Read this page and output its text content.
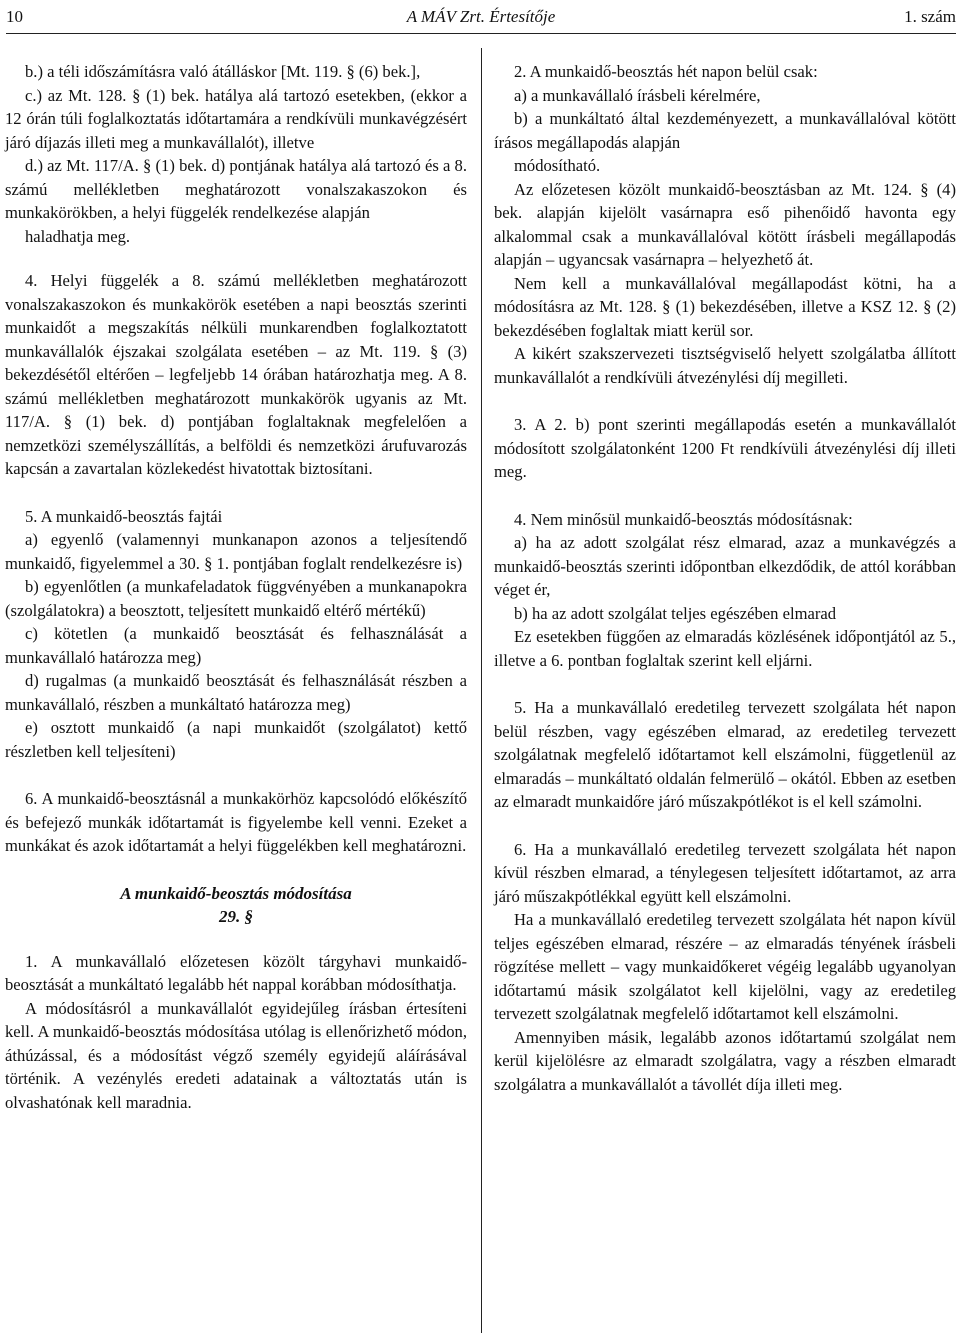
10	A MÁV Zrt. Értesítője	1. szám

b.) a téli időszámításra való átálláskor [Mt. 119. § (6) bek.],

c.) az Mt. 128. § (1) bek. hatálya alá tartozó esetekben, (ekkor a 12 órán túli foglalkoztatás időtartamára a rendkívüli munkavégzésért járó díjazás illeti meg a munkavállalót), illetve

d.) az Mt. 117/A. § (1) bek. d) pontjának hatálya alá tartozó és a 8. számú mellékletben meghatározott vonalszakaszokon és munkakörökben, a helyi függelék rendelkezése alapján

haladhatja meg.

4. Helyi függelék a 8. számú mellékletben meghatározott vonalszakaszokon és munkakörök esetében a napi beosztás szerinti munkaidőt a megszakítás nélküli munkarendben foglalkoztatott munkavállalók éjszakai szolgálata esetében – az Mt. 119. § (3) bekezdésétől eltérően – legfeljebb 14 órában határozhatja meg. A 8. számú mellékletben meghatározott munkakörök ugyanis az Mt. 117/A. § (1) bek. d) pontjában foglaltaknak megfelelően a nemzetközi személyszállítás, a belföldi és nemzetközi árufuvarozás kapcsán a zavartalan közlekedést hivatottak biztosítani.

5. A munkaidő-beosztás fajtái

a) egyenlő (valamennyi munkanapon azonos a teljesítendő munkaidő, figyelemmel a 30. § 1. pontjában foglalt rendelkezésre is)

b) egyenlőtlen (a munkafeladatok függvényében a munkanapokra (szolgálatokra) a beosztott, teljesített munkaidő eltérő mértékű)

c) kötetlen (a munkaidő beosztását és felhasználását a munkavállaló határozza meg)

d) rugalmas (a munkaidő beosztását és felhasználását részben a munkavállaló, részben a munkáltató határozza meg)

e) osztott munkaidő (a napi munkaidőt (szolgálatot) kettő részletben kell teljesíteni)

6. A munkaidő-beosztásnál a munkakörhöz kapcsolódó előkészítő és befejező munkák időtartamát is figyelembe kell venni. Ezeket a munkákat és azok időtartamát a helyi függelékben kell meghatározni.

A munkaidő-beosztás módosítása

29. §

1. A munkavállaló előzetesen közölt tárgyhavi munkaidő-beosztását a munkáltató legalább hét nappal korábban módosíthatja.

A módosításról a munkavállalót egyidejűleg írásban értesíteni kell. A munkaidő-beosztás módosítása utólag is ellenőrizhető módon, áthúzással, és a módosítást végző személy egyidejű aláírásával történik. A vezénylés eredeti adatainak a változtatás után is olvashatónak kell maradnia.

2. A munkaidő-beosztás hét napon belül csak:

a) a munkavállaló írásbeli kérelmére,

b) a munkáltató által kezdeményezett, a munkavállalóval kötött írásos megállapodás alapján

módosítható.

Az előzetesen közölt munkaidő-beosztásban az Mt. 124. § (4) bek. alapján kijelölt vasárnapra eső pihenőidő havonta egy alkalommal csak a munkavállalóval kötött írásbeli megállapodás alapján – ugyancsak vasárnapra – helyezhető át.

Nem kell a munkavállalóval megállapodást kötni, ha a módosításra az Mt. 128. § (1) bekezdésében, illetve a KSZ 12. § (2) bekezdésében foglaltak miatt kerül sor.

A kikért szakszervezeti tisztségviselő helyett szolgálatba állított munkavállalót a rendkívüli átvezénylési díj megilleti.

3. A 2. b) pont szerinti megállapodás esetén a munkavállalót módosított szolgálatonként 1200 Ft rendkívüli átvezénylési díj illeti meg.

4. Nem minősül munkaidő-beosztás módosításnak:

a) ha az adott szolgálat rész elmarad, azaz a munkavégzés a munkaidő-beosztás szerinti időpontban elkezdődik, de attól korábban véget ér,

b) ha az adott szolgálat teljes egészében elmarad

Ez esetekben függően az elmaradás közlésének időpontjától az 5., illetve a 6. pontban foglaltak szerint kell eljárni.

5. Ha a munkavállaló eredetileg tervezett szolgálata hét napon belül részben, vagy egészében elmarad, az eredetileg tervezett szolgálatnak megfelelő időtartamot kell elszámolni, függetlenül az elmaradás – munkáltató oldalán felmerülő – okától. Ebben az esetben az elmaradt munkaidőre járó műszakpótlékot is el kell számolni.

6. Ha a munkavállaló eredetileg tervezett szolgálata hét napon kívül részben elmarad, a ténylegesen teljesített időtartamot, az arra járó műszakpótlékkal együtt kell elszámolni.

Ha a munkavállaló eredetileg tervezett szolgálata hét napon kívül teljes egészében elmarad, részére – az elmaradás tényének írásbeli rögzítése mellett – vagy munkaidőkeret végéig legalább ugyanolyan időtartamú másik szolgálatot kell kijelölni, vagy az eredetileg tervezett szolgálatnak megfelelő időtartamot kell elszámolni.

Amennyiben másik, legalább azonos időtartamú szolgálat nem kerül kijelölésre az elmaradt szolgálatra, vagy a részben elmaradt szolgálatra a munkavállalót a távollét díja illeti meg.
